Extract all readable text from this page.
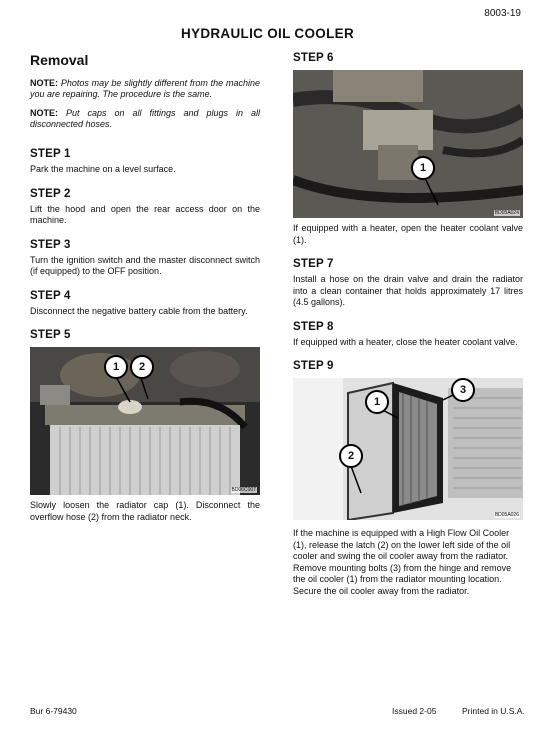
8003-19
HYDRAULIC OIL COOLER
Removal
NOTE: Photos may be slightly different from the machine you are repairing. The procedure is the same.
NOTE: Put caps on all fittings and plugs in all disconnected hoses.
STEP 1

Park the machine on a level surface.

STEP 2

Lift the hood and open the rear access door on the machine.

STEP 3

Turn the ignition switch and the master disconnect switch (if equipped) to the OFF position.

STEP 4

Disconnect the negative battery cable from the battery.

STEP 5
1	2
BD06C007

Slowly loosen the radiator cap (1). Disconnect the overflow hose (2) from the radiator neck.

STEP 6
1
BD05A024

If equipped with a heater, open the heater coolant valve (1).

STEP 7

Install a hose on the drain valve and drain the radiator into a clean container that holds approximately 17 litres (4.5 gallons).

STEP 8

If equipped with a heater, close the heater coolant valve.

STEP 9
1
2
3
BD05A026

If the machine is equipped with a High Flow Oil Cooler (1), release the latch (2) on the lower left side of the oil cooler and swing the oil cooler away from the radiator. Remove mounting bolts (3) from the hinge and remove the oil cooler (1) from the radiator mounting location. Secure the oil cooler away from the radiator.

Bur 6-79430	Issued 2-05	Printed in U.S.A.
